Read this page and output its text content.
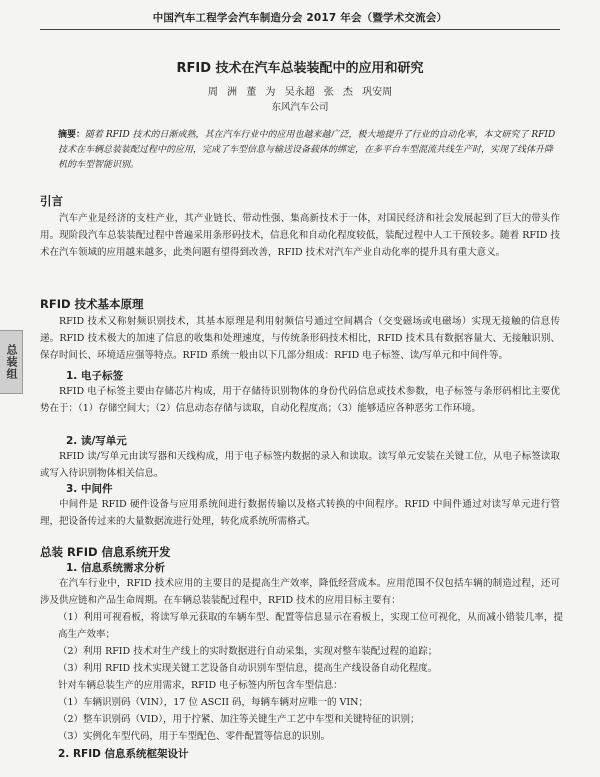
中国汽车工程学会汽车制造分会 2017 年会（暨学术交流会）
RFID 技术在汽车总装装配中的应用和研究
周 洲 董 为 吴永超 张 杰 巩安周
东风汽车公司
摘要：随着 RFID 技术的日渐成熟，其在汽车行业中的应用也越来越广泛，极大地提升了行业的自动化率，本文研究了 RFID 技术在车辆总装装配过程中的应用，完成了车型信息与输送设备载体的绑定，在多平台车型混流共线生产时，实现了线体升降机的车型智能识别。
引言
汽车产业是经济的支柱产业，其产业链长、带动性强、集高新技术于一体，对国民经济和社会发展起到了巨大的带头作用。现阶段汽车总装装配过程中普遍采用条形码技术，信息化和自动化程度较低，装配过程中人工干预较多。随着 RFID 技术在汽车领域的应用越来越多，此类问题有望得到改善，RFID 技术对汽车产业自动化率的提升具有重大意义。
RFID 技术基本原理
RFID 技术又称射频识别技术，其基本原理是利用射频信号通过空间耦合（交变磁场或电磁场）实现无接触的信息传递。RFID 技术极大的加速了信息的收集和处理速度，与传统条形码技术相比，RFID 技术具有数据容量大、无接触识别、保存时间长、环境适应强等特点。RFID 系统一般由以下几部分组成：RFID 电子标签、读/写单元和中间件等。
1. 电子标签
RFID 电子标签主要由存储芯片构成，用于存储待识别物体的身份代码信息或技术参数，电子标签与条形码相比主要优势在于：（1）存储空间大；（2）信息动态存储与读取，自动化程度高；（3）能够适应各种恶劣工作环境。
2. 读/写单元
RFID 读/写单元由读写器和天线构成，用于电子标签内数据的录入和读取。读写单元安装在关键工位，从电子标签读取或写入待识别物体相关信息。
3. 中间件
中间件是 RFID 硬件设备与应用系统间进行数据传输以及格式转换的中间程序。RFID 中间件通过对读写单元进行管理，把设备传过来的大量数据流进行处理，转化成系统所需格式。
总装 RFID 信息系统开发
1. 信息系统需求分析
在汽车行业中，RFID 技术应用的主要目的是提高生产效率，降低经营成本。应用范围不仅包括车辆的制造过程，还可涉及供应链和产品生命周期。在车辆总装装配过程中，RFID 技术的应用目标主要有：
（1）利用可视看板，将读写单元获取的车辆车型、配置等信息显示在看板上，实现工位可视化，从而减小错装几率，提高生产效率；
（2）利用 RFID 技术对生产线上的实时数据进行自动采集，实现对整车装配过程的追踪；
（3）利用 RFID 技术实现关键工艺设备自动识别车型信息，提高生产线设备自动化程度。
针对车辆总装生产的应用需求，RFID 电子标签内所包含车型信息：
（1）车辆识别码（VIN），17 位 ASCII 码，每辆车辆对应唯一的 VIN；
（2）整车识别码（VID），用于拧紧、加注等关键生产工艺中车型和关键特征的识别；
（3）实例化车型代码，用于车型配色、零件配置等信息的识别。
2. RFID 信息系统框架设计
总装组
